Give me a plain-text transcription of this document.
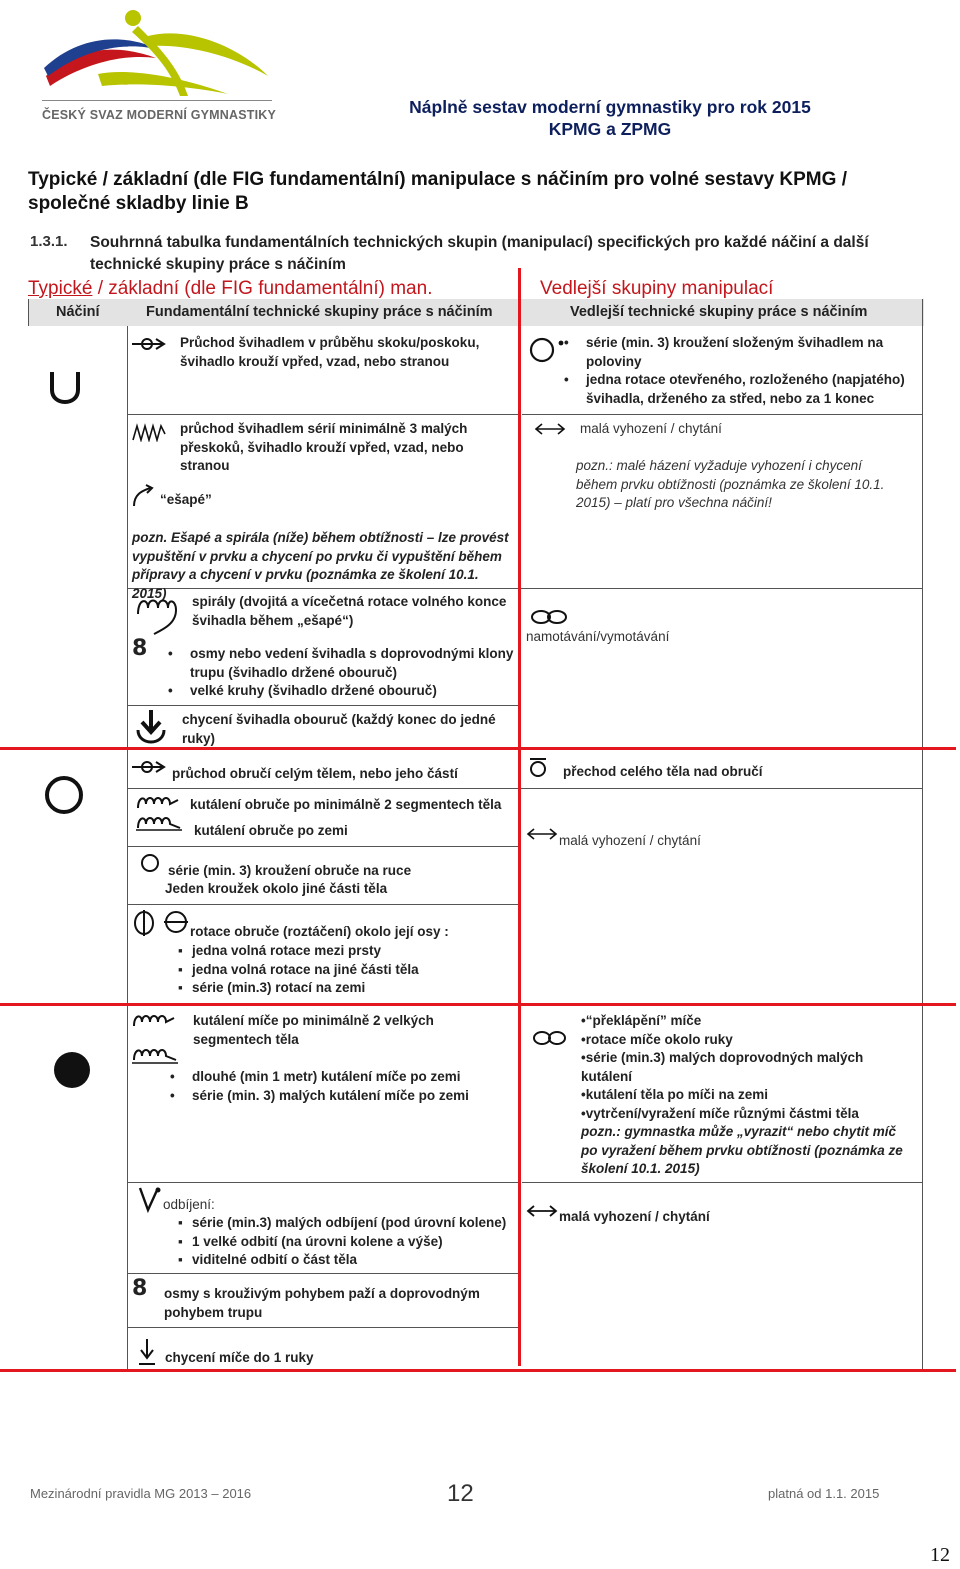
ČESKÝ SVAZ MODERNÍ GYMNASTIKY	Náplně sestav moderní gymnastiky pro rok 2015
KPMG a ZPMG
Typické / základní (dle FIG fundamentální) manipulace s náčiním pro volné sestavy KPMG / společné skladby linie B
1.3.1. Souhrnná tabulka fundamentálních technických skupin (manipulací) specifických pro každé náčiní a další technické skupiny práce s náčiním
Typické / základní (dle FIG fundamentální) man.	Vedlejší skupiny manipulací
Náčiní	Fundamentální technické skupiny práce s náčiním	Vedlejší technické skupiny práce s náčiním
Průchod švihadlem v průběhu skoku/poskoku, švihadlo krouží vpřed, vzad, nebo stranou
průchod švihadlem sérií minimálně 3 malých přeskoků, švihadlo krouží vpřed, vzad, nebo stranou
“ešapé”
pozn. Ešapé a spirála (níže) během obtížnosti – lze provést vypuštění v prvku a chycení po prvku či vypuštění během přípravy a chycení v prvku (poznámka ze školení 10.1. 2015)
spirály (dvojitá a vícečetná rotace volného konce švihadla během „ešapé“)
8
•	osmy nebo vedení švihadla s doprovodnými klony trupu (švihadlo držené obouruč)
• velké kruhy (švihadlo držené obouruč)
chycení švihadla obouruč (každý konec do jedné ruky)
• série (min. 3) kroužení složeným švihadlem na poloviny
• jedna rotace otevřeného, rozloženého (napjatého) švihadla, drženého za střed, nebo za 1 konec
malá vyhození / chytání
pozn.: malé házení vyžaduje vyhození i chycení během prvku obtížnosti (poznámka ze školení 10.1. 2015) – platí pro všechna náčiní!
namotávání/vymotávání
průchod obručí celým tělem, nebo jeho částí
kutálení obruče po minimálně 2 segmentech těla
kutálení obruče po zemi
série (min. 3) kroužení obruče na ruce
Jeden kroužek okolo jiné části těla
rotace obruče (roztáčení) okolo její osy :
▪ jedna volná rotace mezi prsty
▪ jedna volná rotace na jiné části těla
▪ série (min.3) rotací na zemi
přechod celého těla nad obručí
malá vyhození / chytání
kutálení míče po minimálně 2 velkých segmentech těla
• dlouhé (min 1 metr) kutálení míče po zemi
• série (min. 3) malých kutálení míče po zemi
odbíjení:
▪ série (min.3) malých odbíjení (pod úrovní kolene)
▪ 1 velké odbití (na úrovni kolene a výše)
▪ viditelné odbití o část těla
8 osmy s krouživým pohybem paží a doprovodným pohybem trupu
chycení míče do 1 ruky
•“překlápění” míče
•rotace míče okolo ruky
•série (min.3) malých doprovodných malých kutálení
•kutálení těla po míči na zemi
•vytrčení/vyražení míče různými částmi těla
pozn.: gymnastka může „vyrazit“ nebo chytit míč po vyražení během prvku obtížnosti (poznámka ze školení 10.1. 2015)
malá vyhození / chytání
Mezinárodní pravidla MG 2013 – 2016	12	platná od 1.1. 2015
12
